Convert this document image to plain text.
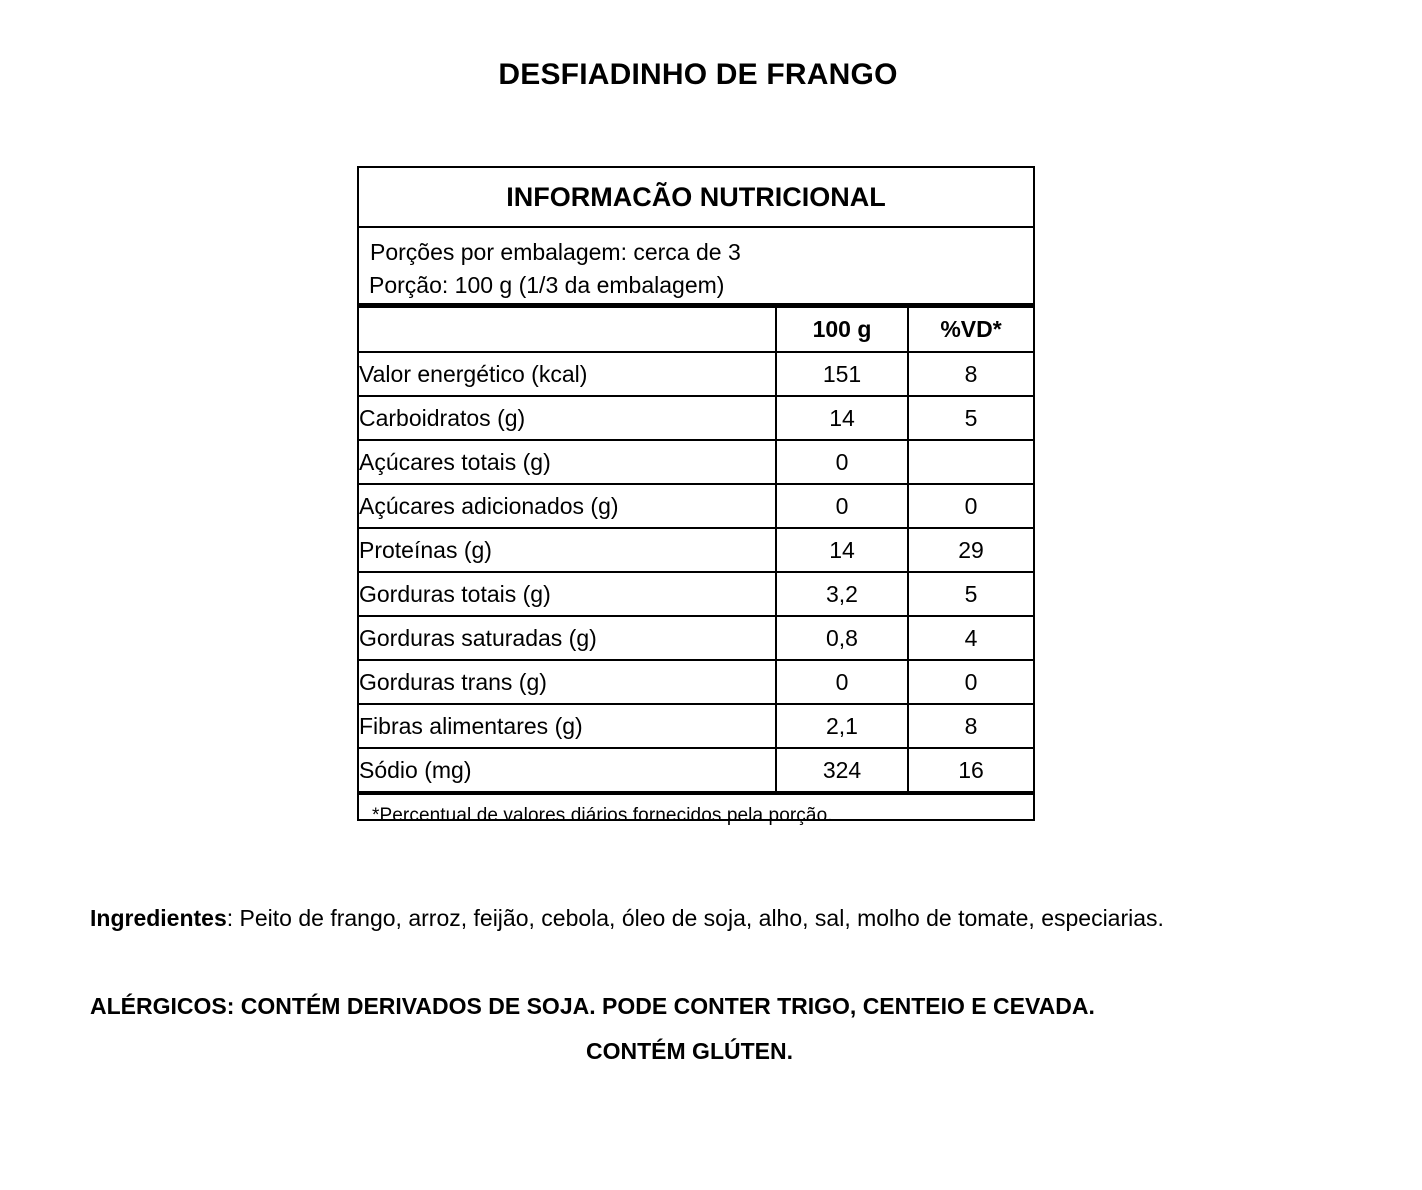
DESFIADINHO DE FRANGO
INFORMACÃO NUTRICIONAL
Porções por embalagem: cerca de 3
Porção: 100 g (1/3 da embalagem)
	100 g	%VD*
Valor energético (kcal)	151	8
Carboidratos (g)	14	5
Açúcares totais (g)	0	
Açúcares adicionados (g)	0	0
Proteínas (g)	14	29
Gorduras totais (g)	3,2	5
Gorduras saturadas (g)	0,8	4
Gorduras trans (g)	0	0
Fibras alimentares (g)	2,1	8
Sódio (mg)	324	16
*Percentual de valores diários fornecidos pela porção.
Ingredientes: Peito de frango, arroz, feijão, cebola, óleo de soja, alho, sal, molho de tomate, especiarias.
ALÉRGICOS: CONTÉM DERIVADOS DE SOJA. PODE CONTER TRIGO, CENTEIO E CEVADA.
CONTÉM GLÚTEN.
